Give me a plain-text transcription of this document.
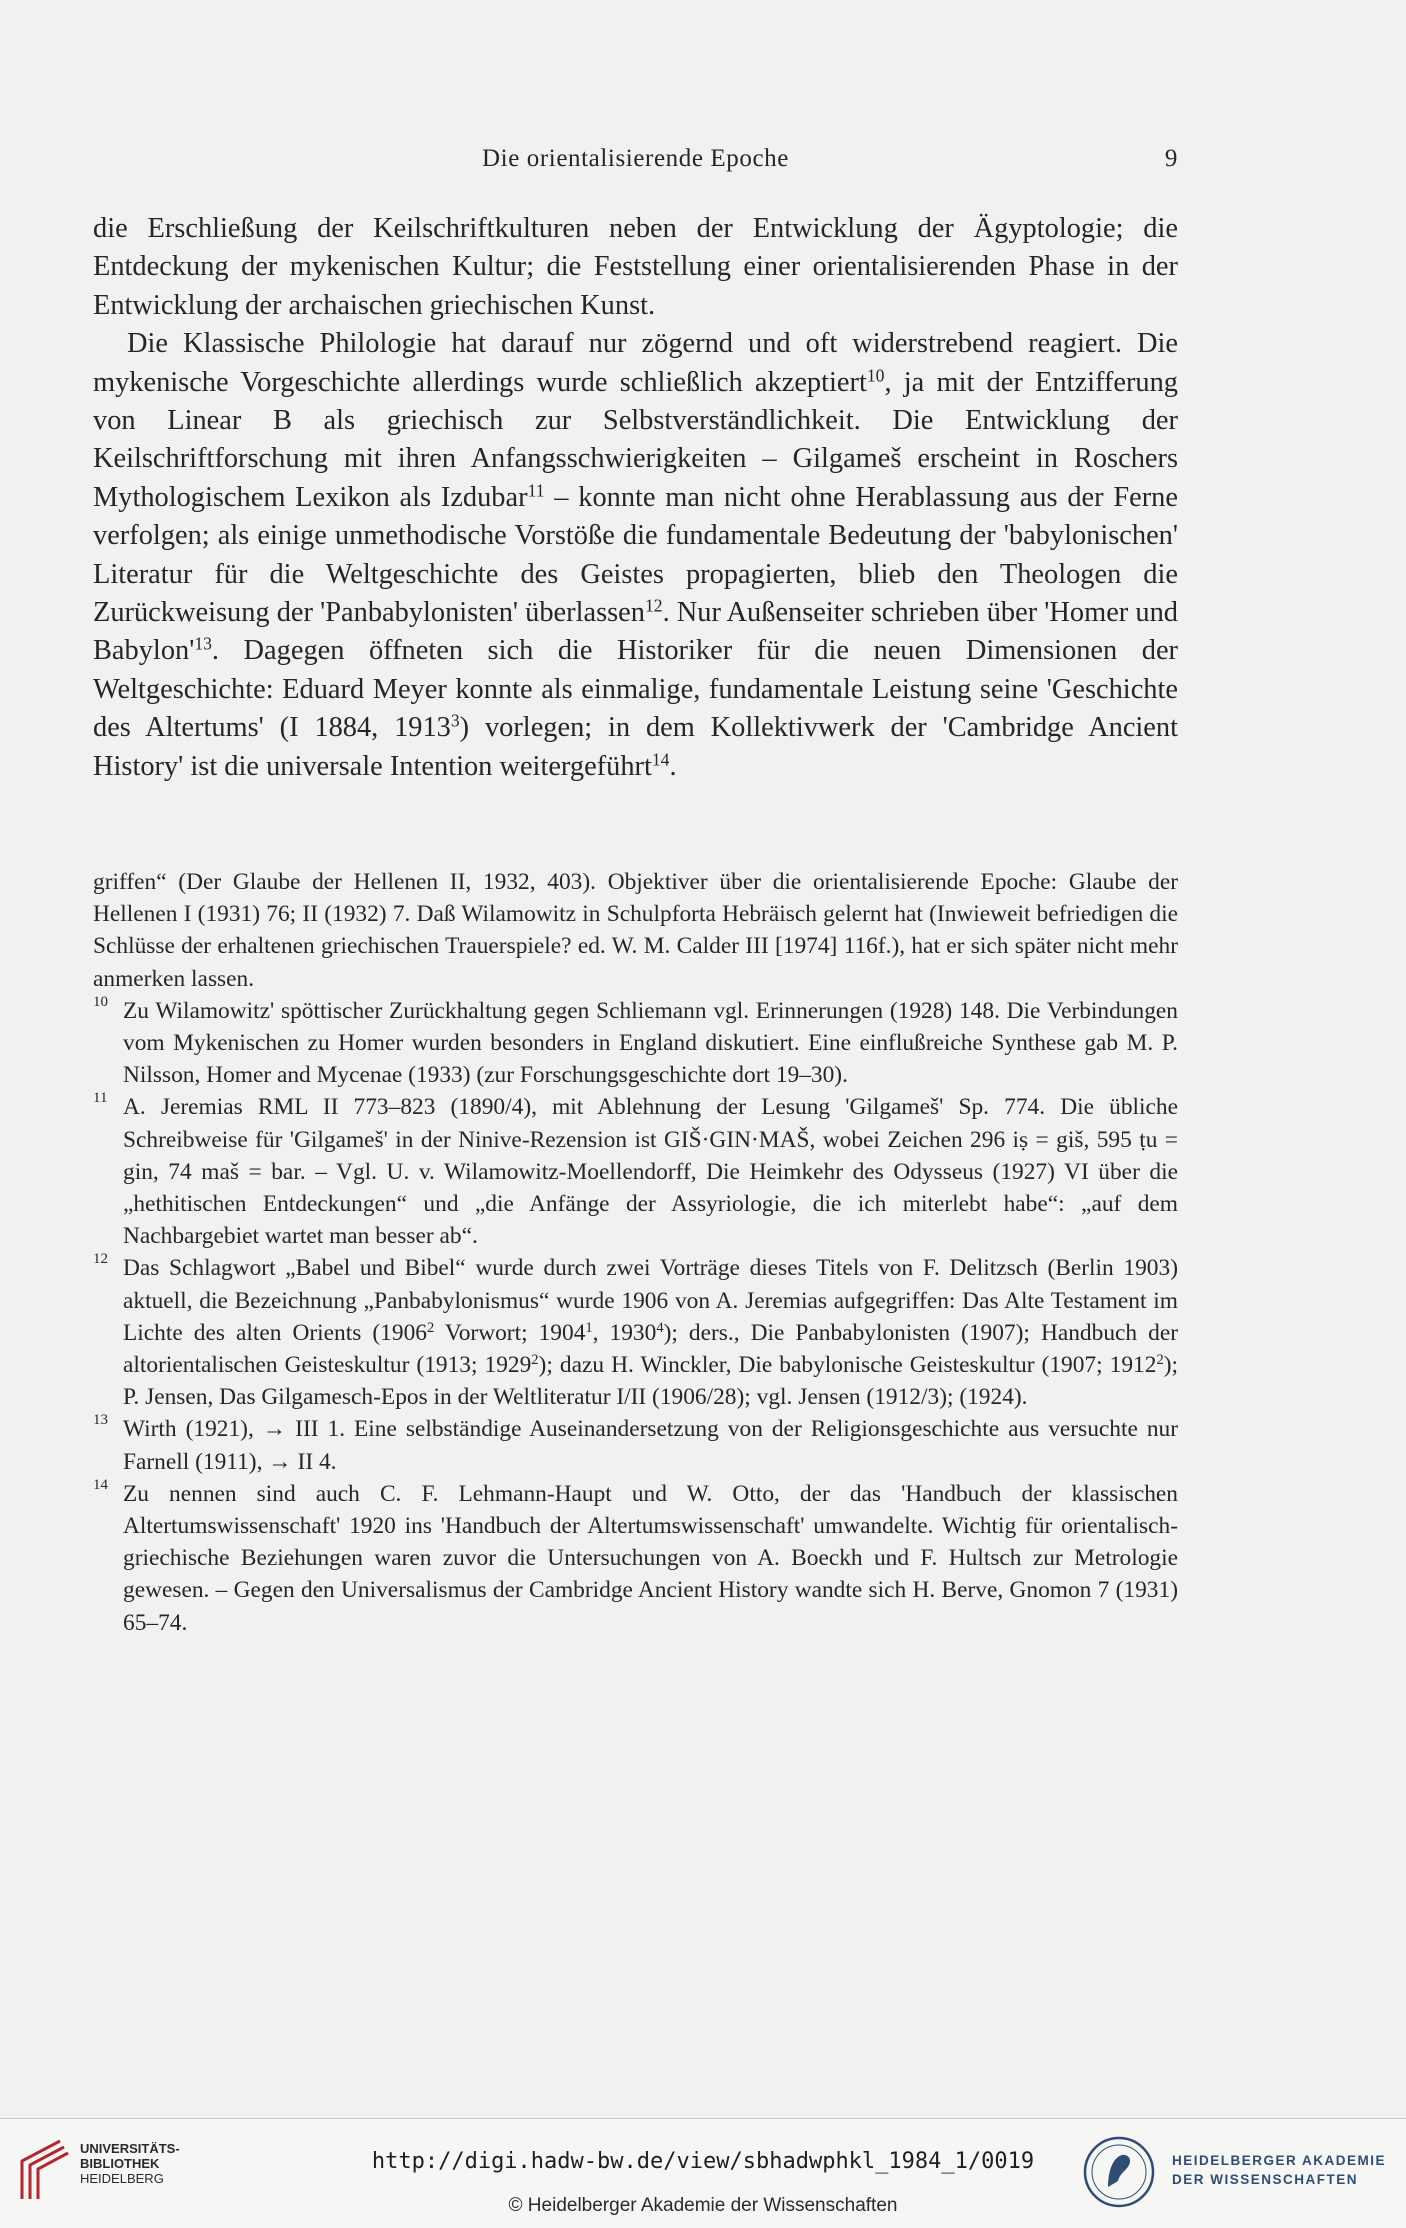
Die orientalisierende Epoche	9

die Erschließung der Keilschriftkulturen neben der Entwicklung der Ägyptologie; die Entdeckung der mykenischen Kultur; die Feststellung einer orientalisierenden Phase in der Entwicklung der archaischen griechischen Kunst.

Die Klassische Philologie hat darauf nur zögernd und oft widerstrebend reagiert. Die mykenische Vorgeschichte allerdings wurde schließlich akzeptiert$^{10}$, ja mit der Entzifferung von Linear B als griechisch zur Selbstverständlichkeit. Die Entwicklung der Keilschriftforschung mit ihren Anfangsschwierigkeiten – Gilgameš erscheint in Roschers Mythologischem Lexikon als Izdubar$^{11}$ – konnte man nicht ohne Herablassung aus der Ferne verfolgen; als einige unmethodische Vorstöße die fundamentale Bedeutung der 'babylonischen' Literatur für die Weltgeschichte des Geistes propagierten, blieb den Theologen die Zurückweisung der 'Panbabylonisten' überlassen$^{12}$. Nur Außenseiter schrieben über 'Homer und $Babylon'^{13}$. Dagegen öffneten sich die Historiker für die neuen Dimensionen der Weltgeschichte: Eduard Meyer konnte als einmalige, fundamentale Leistung seine 'Geschichte des Altertums' (I 1884, 1913$^3$) vorlegen; in dem Kollektivwerk der 'Cambridge Ancient History' ist die universale Intention weitergeführt$^{14}$.

griffen“ (Der Glaube der Hellenen II, 1932, 403). Objektiver über die orientalisierende Epoche: Glaube der Hellenen I (1931) 76; II (1932) 7. Daß Wilamowitz in Schulpforta Hebräisch gelernt hat (Inwieweit befriedigen die Schlüsse der erhaltenen griechischen Trauerspiele? ed. W. M. Calder III [1974] 116f.), hat er sich später nicht mehr anmerken lassen.

10 Zu Wilamowitz' spöttischer Zurückhaltung gegen Schliemann vgl. Erinnerungen (1928) 148. Die Verbindungen vom Mykenischen zu Homer wurden besonders in England diskutiert. Eine einflußreiche Synthese gab M. P. Nilsson, Homer and Mycenae (1933) (zur Forschungsgeschichte dort 19–30).

11 A. Jeremias RML II 773–823 (1890/4), mit Ablehnung der Lesung 'Gilgameš' Sp. 774. Die übliche Schreibweise für 'Gilgameš' in der Ninive-Rezension ist GIŠ·GIN·MAŠ, wobei Zeichen 296 iṣ = giš, 595 ṭu = gin, 74 maš = bar. – Vgl. U. v. Wilamowitz-Moellendorff, Die Heimkehr des Odysseus (1927) VI über die „hethitischen Entdeckungen“ und „die Anfänge der Assyriologie, die ich miterlebt habe“: „auf dem Nachbargebiet wartet man besser ab“.

12 Das Schlagwort „Babel und Bibel“ wurde durch zwei Vorträge dieses Titels von F. Delitzsch (Berlin 1903) aktuell, die Bezeichnung „Panbabylonismus“ wurde 1906 von A. Jeremias aufgegriffen: Das Alte Testament im Lichte des alten Orients (1906$^2$ Vorwort; 1904$^1$, 1930$^4$); ders., Die Panbabylonisten (1907); Handbuch der altorientalischen Geisteskultur (1913; 1929$^2$); dazu H. Winckler, Die babylonische Geisteskultur (1907; 1912$^2$); P. Jensen, Das Gilgamesch-Epos in der Weltliteratur I/II (1906/28); vgl. Jensen (1912/3); (1924).

13 Wirth (1921), → III 1. Eine selbständige Auseinandersetzung von der Religionsgeschichte aus versuchte nur Farnell (1911), → II 4.

14 Zu nennen sind auch C. F. Lehmann-Haupt und W. Otto, der das 'Handbuch der klassischen Altertumswissenschaft' 1920 ins 'Handbuch der Altertumswissenschaft' umwandelte. Wichtig für orientalisch-griechische Beziehungen waren zuvor die Untersuchungen von A. Boeckh und F. Hultsch zur Metrologie gewesen. – Gegen den Universalismus der Cambridge Ancient History wandte sich H. Berve, Gnomon 7 (1931) 65–74.

UNIVERSITÄTS-
BIBLIOTHEK
HEIDELBERG
http://digi.hadw-bw.de/view/sbhadwphkl_1984_1/0019
© Heidelberger Akademie der Wissenschaften
HEIDELBERGER AKADEMIE
DER WISSENSCHAFTEN
